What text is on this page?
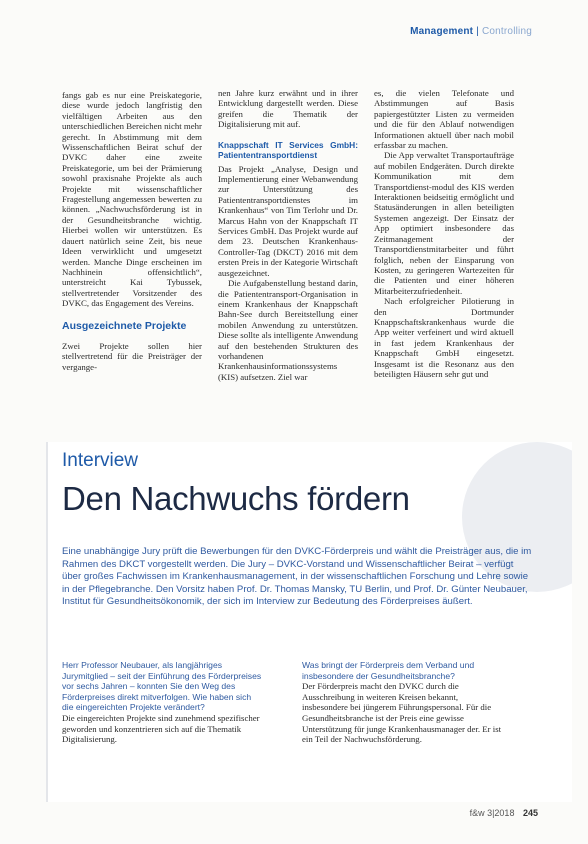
Management | Controlling

fangs gab es nur eine Preiskategorie, diese wurde jedoch langfristig den vielfältigen Arbeiten aus den unterschiedlichen Bereichen nicht mehr gerecht. In Abstimmung mit dem Wissenschaftlichen Beirat schuf der DVKC daher eine zweite Preiskategorie, um bei der Prämierung sowohl praxisnahe Projekte als auch Projekte mit wissenschaftlicher Fragestellung angemessen bewerten zu können. „Nachwuchsförderung ist in der Gesundheitsbranche wichtig. Hierbei wollen wir unterstützen. Es dauert natürlich seine Zeit, bis neue Ideen verwirklicht und umgesetzt werden. Manche Dinge erscheinen im Nachhinein offensichtlich“, unterstreicht Kai Tybussek, stellvertretender Vorsitzender des DVKC, das Engagement des Vereins.

Ausgezeichnete Projekte

Zwei Projekte sollen hier stellvertretend für die Preisträger der vergange-

nen Jahre kurz erwähnt und in ihrer Entwicklung dargestellt werden. Diese greifen die Thematik der Digitalisierung mit auf.

Knappschaft IT Services GmbH: Patiententransportdienst

Das Projekt „Analyse, Design und Implementierung einer Webanwendung zur Unterstützung des Patiententransportdienstes im Krankenhaus“ von Tim Terlohr und Dr. Marcus Hahn von der Knappschaft IT Services GmbH. Das Projekt wurde auf dem 23. Deutschen Krankenhaus-Controller-Tag (DKCT) 2016 mit dem ersten Preis in der Kategorie Wirtschaft ausgezeichnet.

Die Aufgabenstellung bestand darin, die Patiententransport-Organisation in einem Krankenhaus der Knappschaft Bahn-See durch Bereitstellung einer mobilen Anwendung zu unterstützen. Diese sollte als intelligente Anwendung auf den bestehenden Strukturen des vorhandenen Krankenhausinformationssystems (KIS) aufsetzen. Ziel war

es, die vielen Telefonate und Abstimmungen auf Basis papiergestützter Listen zu vermeiden und die für den Ablauf notwendigen Informationen aktuell über nach mobil erfassbar zu machen.

Die App verwaltet Transportaufträge auf mobilen Endgeräten. Durch direkte Kommunikation mit dem Transportdienst-modul des KIS werden Interaktionen beidseitig ermöglicht und Statusänderungen in allen beteiligten Systemen angezeigt. Der Einsatz der App optimiert insbesondere das Zeitmanagement der Transportdienstmitarbeiter und führt folglich, neben der Einsparung von Kosten, zu geringeren Wartezeiten für die Patienten und einer höheren Mitarbeiterzufriedenheit.

Nach erfolgreicher Pilotierung in den Dortmunder Knappschaftskrankenhaus wurde die App weiter verfeinert und wird aktuell in fast jedem Krankenhaus der Knappschaft GmbH eingesetzt. Insgesamt ist die Resonanz aus den beteiligten Häusern sehr gut und

Interview
Den Nachwuchs fördern
Eine unabhängige Jury prüft die Bewerbungen für den DVKC-Förderpreis und wählt die Preisträger aus, die im Rahmen des DKCT vorgestellt werden. Die Jury – DVKC-Vorstand und Wissenschaftlicher Beirat – verfügt über großes Fachwissen im Krankenhausmanagement, in der wissenschaftlichen Forschung und Lehre sowie in der Pflegebranche. Den Vorsitz haben Prof. Dr. Thomas Mansky, TU Berlin, und Prof. Dr. Günter Neubauer, Institut für Gesundheitsökonomik, der sich im Interview zur Bedeutung des Förderpreises äußert.
Herr Professor Neubauer, als langjähriges Jurymitglied – seit der Einführung des Förderpreises vor sechs Jahren – konnten Sie den Weg des Förderpreises direkt mitverfolgen. Wie haben sich die eingereichten Projekte verändert?
Die eingereichten Projekte sind zunehmend spezifischer geworden und konzentrieren sich auf die Thematik Digitalisierung.
Was bringt der Förderpreis dem Verband und insbesondere der Gesundheitsbranche?
Der Förderpreis macht den DVKC durch die Ausschreibung in weiteren Kreisen bekannt, insbesondere bei jüngerem Führungspersonal. Für die Gesundheitsbranche ist der Preis eine gewisse Unterstützung für junge Krankenhausmanager der. Er ist ein Teil der Nachwuchsförderung.
f&w 3|2018 245
